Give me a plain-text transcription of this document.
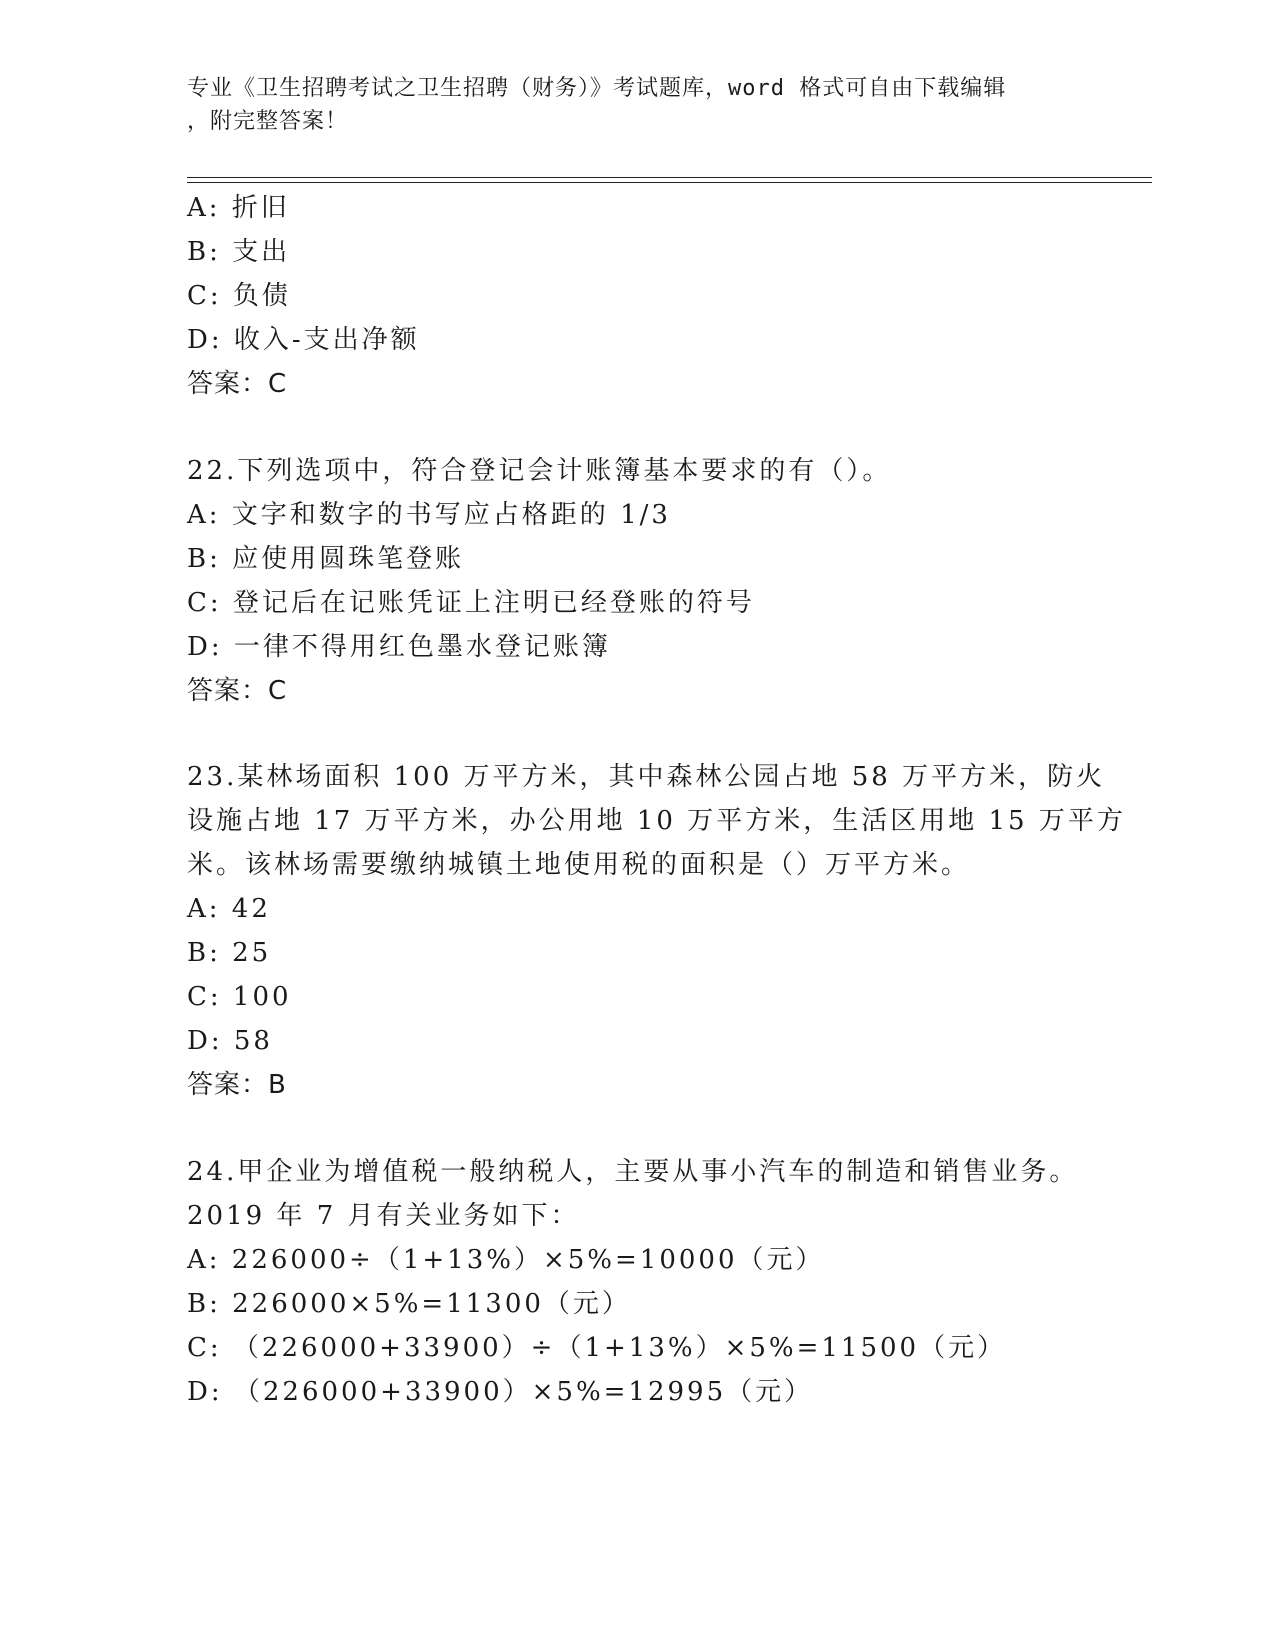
专业《卫生招聘考试之卫生招聘（财务）》考试题库，word 格式可自由下载编辑
，附完整答案！
A: 折旧
B: 支出
C: 负债
D: 收入-支出净额
答案：C
22.下列选项中，符合登记会计账簿基本要求的有（）。
A: 文字和数字的书写应占格距的 1/3
B: 应使用圆珠笔登账
C: 登记后在记账凭证上注明已经登账的符号
D: 一律不得用红色墨水登记账簿
答案：C
23.某林场面积 100 万平方米，其中森林公园占地 58 万平方米，防火
设施占地 17 万平方米，办公用地 10 万平方米，生活区用地 15 万平方
米。该林场需要缴纳城镇土地使用税的面积是（）万平方米。
A: 42
B: 25
C: 100
D: 58
答案：B
24.甲企业为增值税一般纳税人，主要从事小汽车的制造和销售业务。
2019 年 7 月有关业务如下：
A: 226000÷（1+13%）×5%=10000（元）
B: 226000×5%=11300（元）
C: （226000+33900）÷（1+13%）×5%=11500（元）
D: （226000+33900）×5%=12995（元）
